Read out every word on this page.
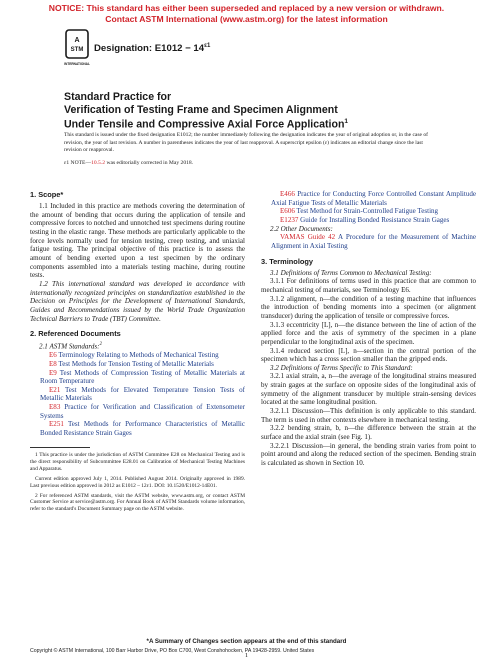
NOTICE: This standard has either been superseded and replaced by a new version or withdrawn.
Contact ASTM International (www.astm.org) for the latest information
A
STM
INTERNATIONAL
Designation: $E1012 - 14^{\varepsilon 1}$
Standard Practice for
Verification of Testing Frame and Specimen Alignment
Under Tensile and Compressive Axial Force Application$^1$
This standard is issued under the fixed designation E1012; the number immediately following the designation indicates the year of original adoption or, in the case of revision, the year of last revision. A number in parentheses indicates the year of last reapproval. A superscript epsilon (ε) indicates an editorial change since the last revision or reapproval.
ε1 NOTE—10.5.2 was editorially corrected in May 2018.
1. Scope*

1.1 Included in this practice are methods covering the determination of the amount of bending that occurs during the application of tensile and compressive forces to notched and unnotched test specimens during routine testing in the elastic range. These methods are particularly applicable to the force levels normally used for tension testing, creep testing, and uniaxial fatigue testing. The principal objective of this practice is to assess the amount of bending exerted upon a test specimen by the ordinary components assembled into a materials testing machine, during routine tests.

1.2 This international standard was developed in accordance with internationally recognized principles on standardization established in the Decision on Principles for the Development of International Standards, Guides and Recommendations issued by the World Trade Organization Technical Barriers to Trade (TBT) Committee.

2. Referenced Documents

2.1 ASTM Standards:$^2$

E6 Terminology Relating to Methods of Mechanical Testing

E8 Test Methods for Tension Testing of Metallic Materials

E9 Test Methods of Compression Testing of Metallic Materials at Room Temperature

E21 Test Methods for Elevated Temperature Tension Tests of Metallic Materials

E83 Practice for Verification and Classification of Extensometer Systems

E251 Test Methods for Performance Characteristics of Metallic Bonded Resistance Strain Gages

1 This practice is under the jurisdiction of ASTM Committee E28 on Mechanical Testing and is the direct responsibility of Subcommittee E28.01 on Calibration of Mechanical Testing Machines and Apparatus.

Current edition approved July 1, 2014. Published August 2014. Originally approved in 1989. Last previous edition approved in 2012 as E1012 – 12ε1. DOI: 10.1520/E1012-14E01.

2 For referenced ASTM standards, visit the ASTM website, www.astm.org, or contact ASTM Customer Service at service@astm.org. For Annual Book of ASTM Standards volume information, refer to the standard's Document Summary page on the ASTM website.

E466 Practice for Conducting Force Controlled Constant Amplitude Axial Fatigue Tests of Metallic Materials

E606 Test Method for Strain-Controlled Fatigue Testing

E1237 Guide for Installing Bonded Resistance Strain Gages

2.2 Other Documents:

VAMAS Guide 42 A Procedure for the Measurement of Machine Alignment in Axial Testing

3. Terminology

3.1 Definitions of Terms Common to Mechanical Testing:

3.1.1 For definitions of terms used in this practice that are common to mechanical testing of materials, see Terminology E6.

3.1.2 alignment, n—the condition of a testing machine that influences the introduction of bending moments into a specimen (or alignment transducer) during the application of tensile or compressive forces.

3.1.3 eccentricity [L], n—the distance between the line of action of the applied force and the axis of symmetry of the specimen in a plane perpendicular to the longitudinal axis of the specimen.

3.1.4 reduced section [L], n—section in the central portion of the specimen which has a cross section smaller than the gripped ends.

3.2 Definitions of Terms Specific to This Standard:

3.2.1 axial strain, a, n—the average of the longitudinal strains measured by strain gages at the surface on opposite sides of the longitudinal axis of symmetry of the alignment transducer by multiple strain-sensing devices located at the same longitudinal position.

3.2.1.1 Discussion—This definition is only applicable to this standard. The term is used in other contexts elsewhere in mechanical testing.

3.2.2 bending strain, b, n—the difference between the strain at the surface and the axial strain (see Fig. 1).

3.2.2.1 Discussion—in general, the bending strain varies from point to point around and along the reduced section of the specimen. Bending strain is calculated as shown in Section 10.

*A Summary of Changes section appears at the end of this standard
Copyright © ASTM International, 100 Barr Harbor Drive, PO Box C700, West Conshohocken, PA 19428-2959. United States
1
